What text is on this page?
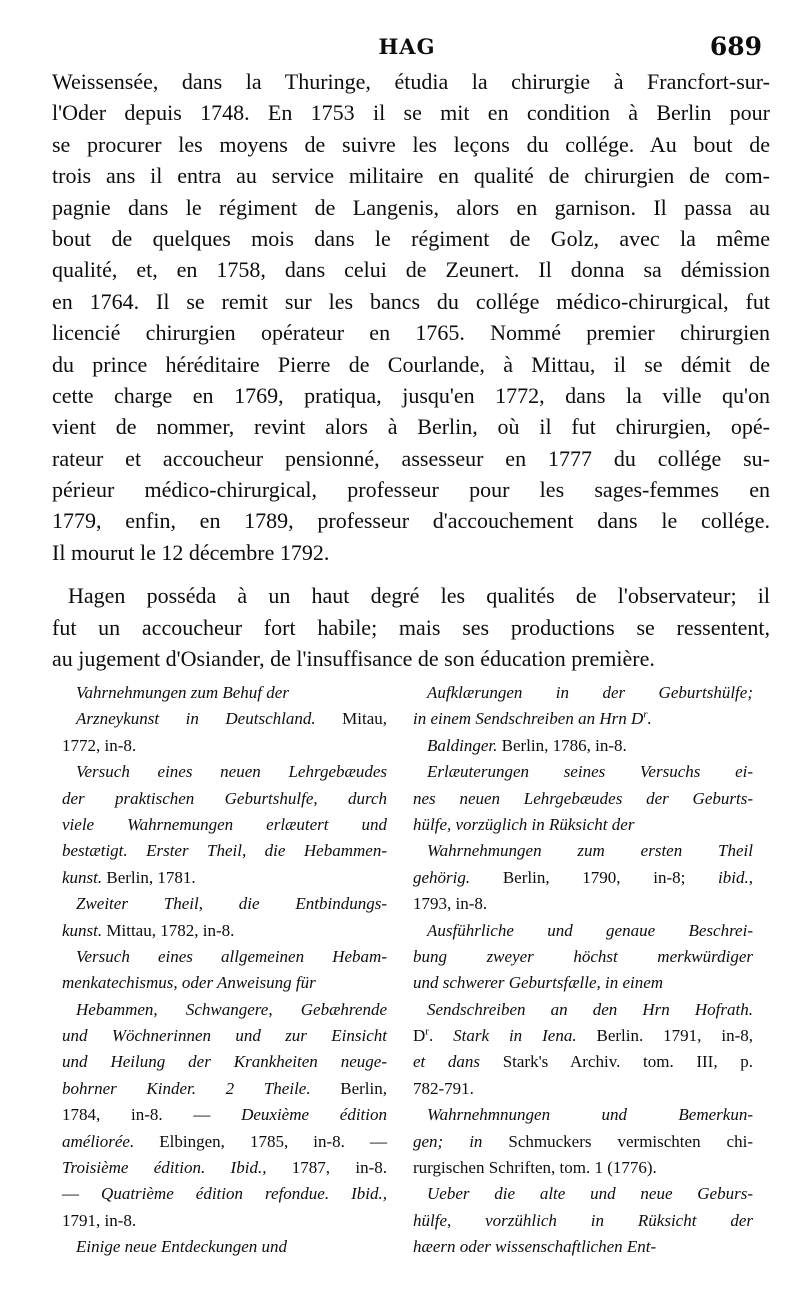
HAG	689
Weissensée, dans la Thuringe, étudia la chirurgie à Francfort-sur-
l'Oder depuis 1748. En 1753 il se mit en condition à Berlin pour
se procurer les moyens de suivre les leçons du collége. Au bout de
trois ans il entra au service militaire en qualité de chirurgien de com-
pagnie dans le régiment de Langenis, alors en garnison. Il passa au
bout de quelques mois dans le régiment de Golz, avec la même
qualité, et, en 1758, dans celui de Zeunert. Il donna sa démission
en 1764. Il se remit sur les bancs du collége médico-chirurgical, fut
licencié chirurgien opérateur en 1765. Nommé premier chirurgien
du prince héréditaire Pierre de Courlande, à Mittau, il se démit de
cette charge en 1769, pratiqua, jusqu'en 1772, dans la ville qu'on
vient de nommer, revint alors à Berlin, où il fut chirurgien, opé-
rateur et accoucheur pensionné, assesseur en 1777 du collége su-
périeur médico-chirurgical, professeur pour les sages-femmes en
1779, enfin, en 1789, professeur d'accouchement dans le collége.
Il mourut le 12 décembre 1792.
Hagen posséda à un haut degré les qualités de l'observateur; il
fut un accoucheur fort habile; mais ses productions se ressentent,
au jugement d'Osiander, de l'insuffisance de son éducation première.
Vahrnehmungen zum Behuf der
Arzneykunst in Deutschland. Mitau,
1772, in-8.
Versuch eines neuen Lehrgebæudes
der praktischen Geburtshulfe, durch
viele Wahrnemungen erlæutert und
bestætigt. Erster Theil, die Hebammen-
kunst. Berlin, 1781.
Zweiter Theil, die Entbindungs-
kunst. Mittau, 1782, in-8.
Versuch eines allgemeinen Hebam-
menkatechismus, oder Anweisung für
Hebammen, Schwangere, Gebæhrende
und Wöchnerinnen und zur Einsicht
und Heilung der Krankheiten neuge-
bohrner Kinder. 2 Theile. Berlin,
1784, in-8. — Deuxième édition
améliorée. Elbingen, 1785, in-8. —
Troisième édition. Ibid., 1787, in-8.
— Quatrième édition refondue. Ibid.,
1791, in-8.
Einige neue Entdeckungen und
Aufklærungen in der Geburtshülfe;
in einem Sendschreiben an Hrn $D^r$.
Baldinger. Berlin, 1786, in-8.
Erlæuterungen seines Versuchs ei-
nes neuen Lehrgebæudes der Geburts-
hülfe, vorzüglich in Rüksicht der
Wahrnehmungen zum ersten Theil
gehörig. Berlin, 1790, in-8; ibid.,
1793, in-8.
Ausführliche und genaue Beschrei-
bung zweyer höchst merkwürdiger
und schwerer Geburtsfælle, in einem
Sendschreiben an den Hrn Hofrath.
$D^r$. Stark in Iena. Berlin. 1791, in-8,
et dans Stark's Archiv. tom. III, p.
782-791.
Wahrnehmnungen und Bemerkun-
gen; in Schmuckers vermischten chi-
rurgischen Schriften, tom. 1 (1776).
Ueber die alte und neue Geburs-
hülfe, vorzühlich in Rüksicht der
hæern oder wissenschaftlichen Ent-
